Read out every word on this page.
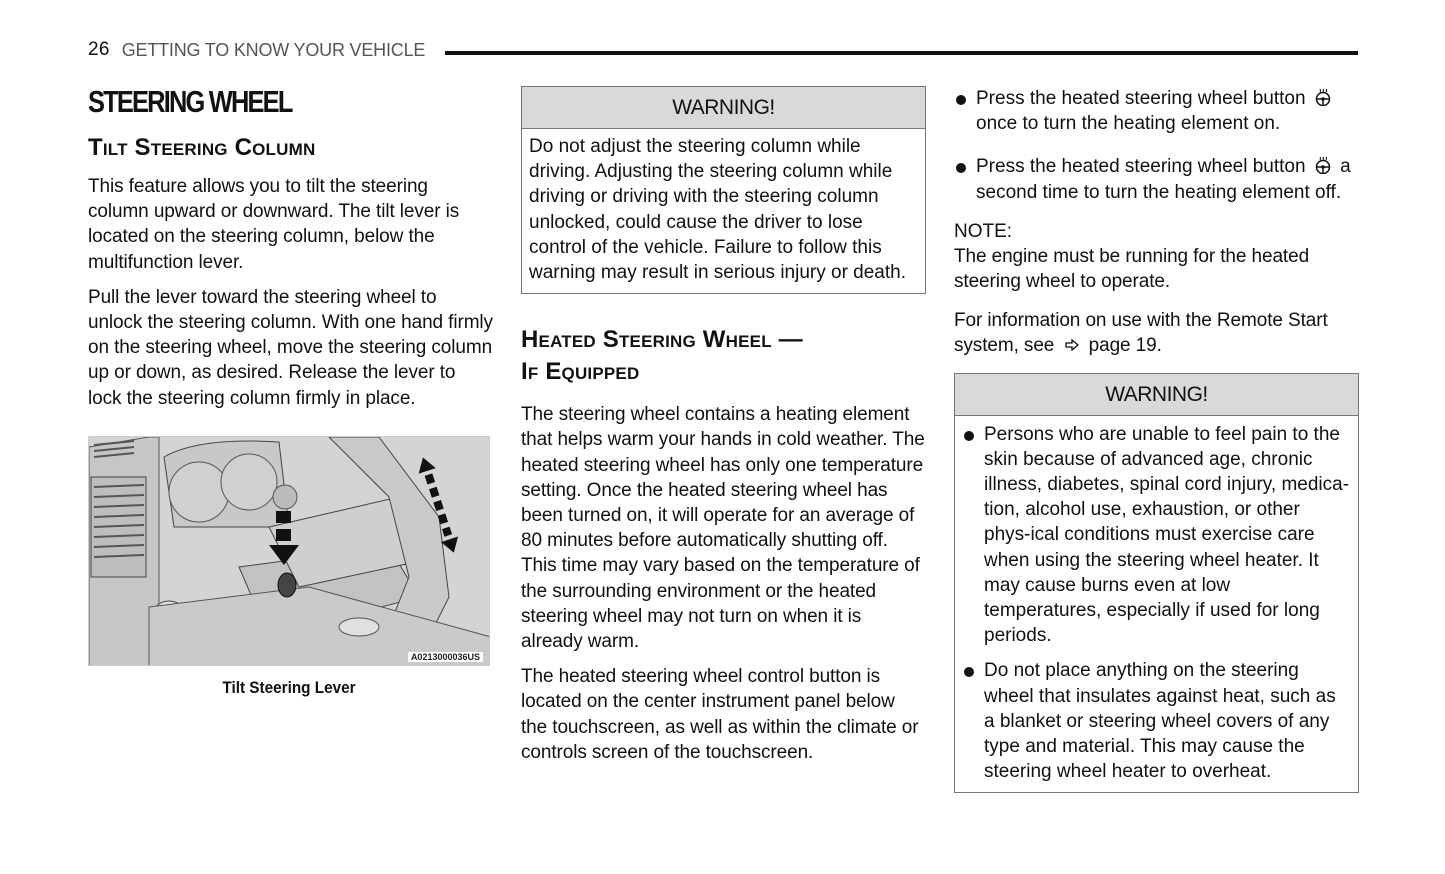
26 GETTING TO KNOW YOUR VEHICLE
STEERING WHEEL
Tilt Steering Column

This feature allows you to tilt the steering column upward or downward. The tilt lever is located on the steering column, below the multifunction lever.

Pull the lever toward the steering wheel to unlock the steering column. With one hand firmly on the steering wheel, move the steering column up or down, as desired. Release the lever to lock the steering column firmly in place.

A0213000036US
Tilt Steering Lever
WARNING!
Do not adjust the steering column while driving. Adjusting the steering column while driving or driving with the steering column unlocked, could cause the driver to lose control of the vehicle. Failure to follow this warning may result in serious injury or death.
Heated Steering Wheel —
If Equipped

The steering wheel contains a heating element that helps warm your hands in cold weather. The heated steering wheel has only one temperature setting. Once the heated steering wheel has been turned on, it will operate for an average of 80 minutes before automatically shutting off. This time may vary based on the temperature of the surrounding environment or the heated steering wheel may not turn on when it is already warm.

The heated steering wheel control button is located on the center instrument panel below the touchscreen, as well as within the climate or controls screen of the touchscreen.

Press the heated steering wheel button  once to turn the heating element on.
Press the heated steering wheel button a second time to turn the heating element off.
NOTE:

The engine must be running for the heated steering wheel to operate.

For information on use with the Remote Start system, see page 19.

WARNING!
Persons who are unable to feel pain to the skin because of advanced age, chronic illness, diabetes, spinal cord injury, medica-tion, alcohol use, exhaustion, or other phys-ical conditions must exercise care when using the steering wheel heater. It may cause burns even at low temperatures, especially if used for long periods.
Do not place anything on the steering wheel that insulates against heat, such as a blanket or steering wheel covers of any type and material. This may cause the steering wheel heater to overheat.
